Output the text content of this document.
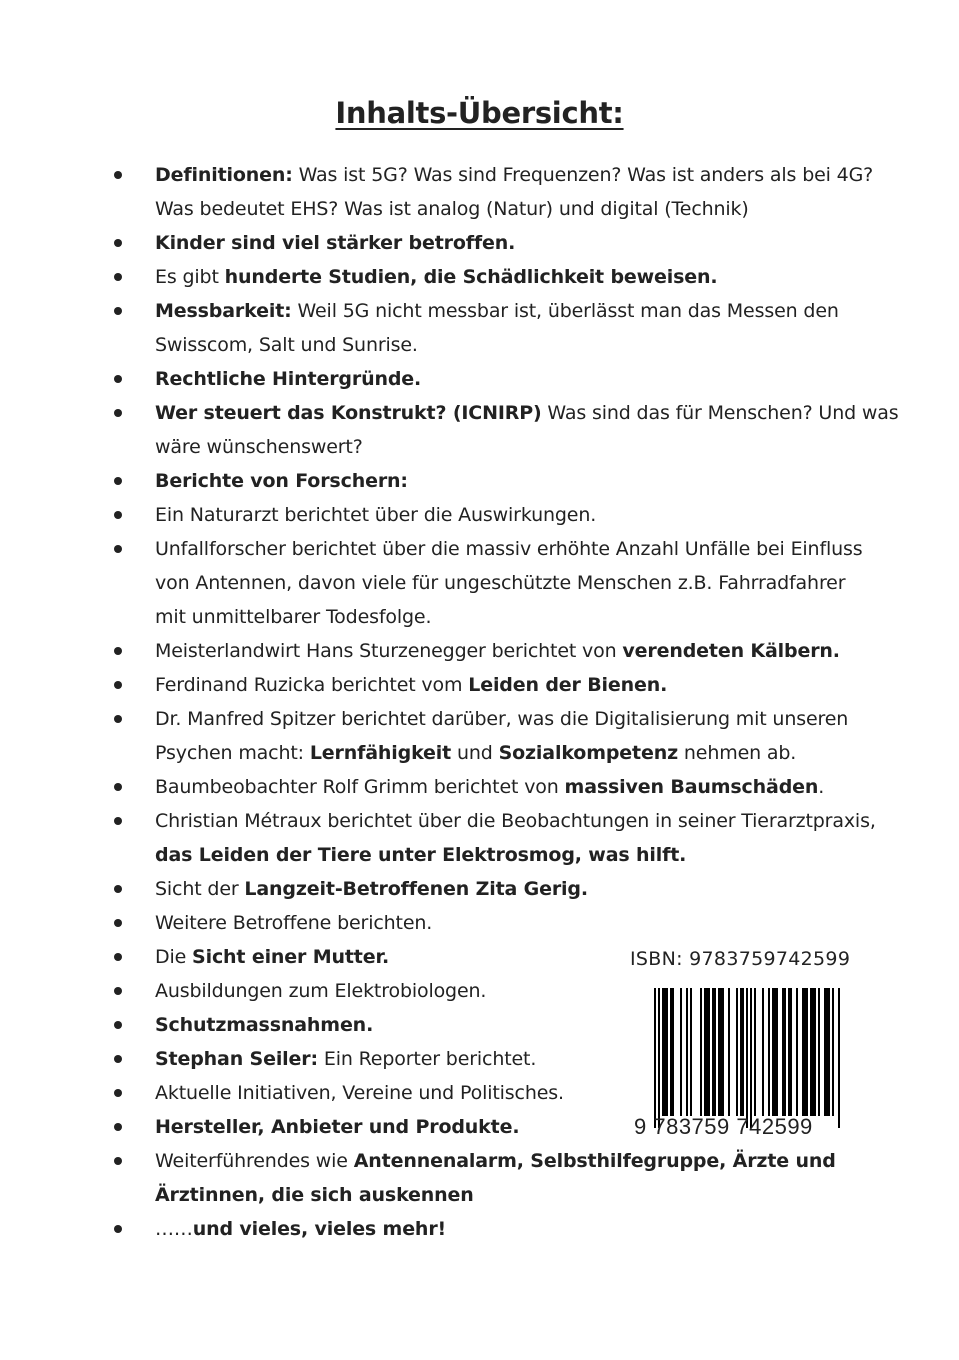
Inhalts-Übersicht:
Definitionen: Was ist 5G? Was sind Frequenzen? Was ist anders als bei 4G?
Was bedeutet EHS? Was ist analog (Natur) und digital (Technik)
Kinder sind viel stärker betroffen.
Es gibt hunderte Studien, die Schädlichkeit beweisen.
Messbarkeit: Weil 5G nicht messbar ist, überlässt man das Messen den
Swisscom, Salt und Sunrise.
Rechtliche Hintergründe.
Wer steuert das Konstrukt? (ICNIRP) Was sind das für Menschen? Und was
wäre wünschenswert?
Berichte von Forschern:
Ein Naturarzt berichtet über die Auswirkungen.
Unfallforscher berichtet über die massiv erhöhte Anzahl Unfälle bei Einfluss
von Antennen, davon viele für ungeschützte Menschen z.B. Fahrradfahrer
mit unmittelbarer Todesfolge.
Meisterlandwirt Hans Sturzenegger berichtet von verendeten Kälbern.
Ferdinand Ruzicka berichtet vom Leiden der Bienen.
Dr. Manfred Spitzer berichtet darüber, was die Digitalisierung mit unseren
Psychen macht: Lernfähigkeit und Sozialkompetenz nehmen ab.
Baumbeobachter Rolf Grimm berichtet von massiven Baumschäden.
Christian Métraux berichtet über die Beobachtungen in seiner Tierarztpraxis,
das Leiden der Tiere unter Elektrosmog, was hilft.
Sicht der Langzeit-Betroffenen Zita Gerig.
Weitere Betroffene berichten.
Die Sicht einer Mutter.
Ausbildungen zum Elektrobiologen.
Schutzmassnahmen.
Stephan Seiler: Ein Reporter berichtet.
Aktuelle Initiativen, Vereine und Politisches.
Hersteller, Anbieter und Produkte.
Weiterführendes wie Antennenalarm, Selbsthilfegruppe, Ärzte und
Ärztinnen, die sich auskennen
……und vieles, vieles mehr!
ISBN: 9783759742599
9 783759 742599
